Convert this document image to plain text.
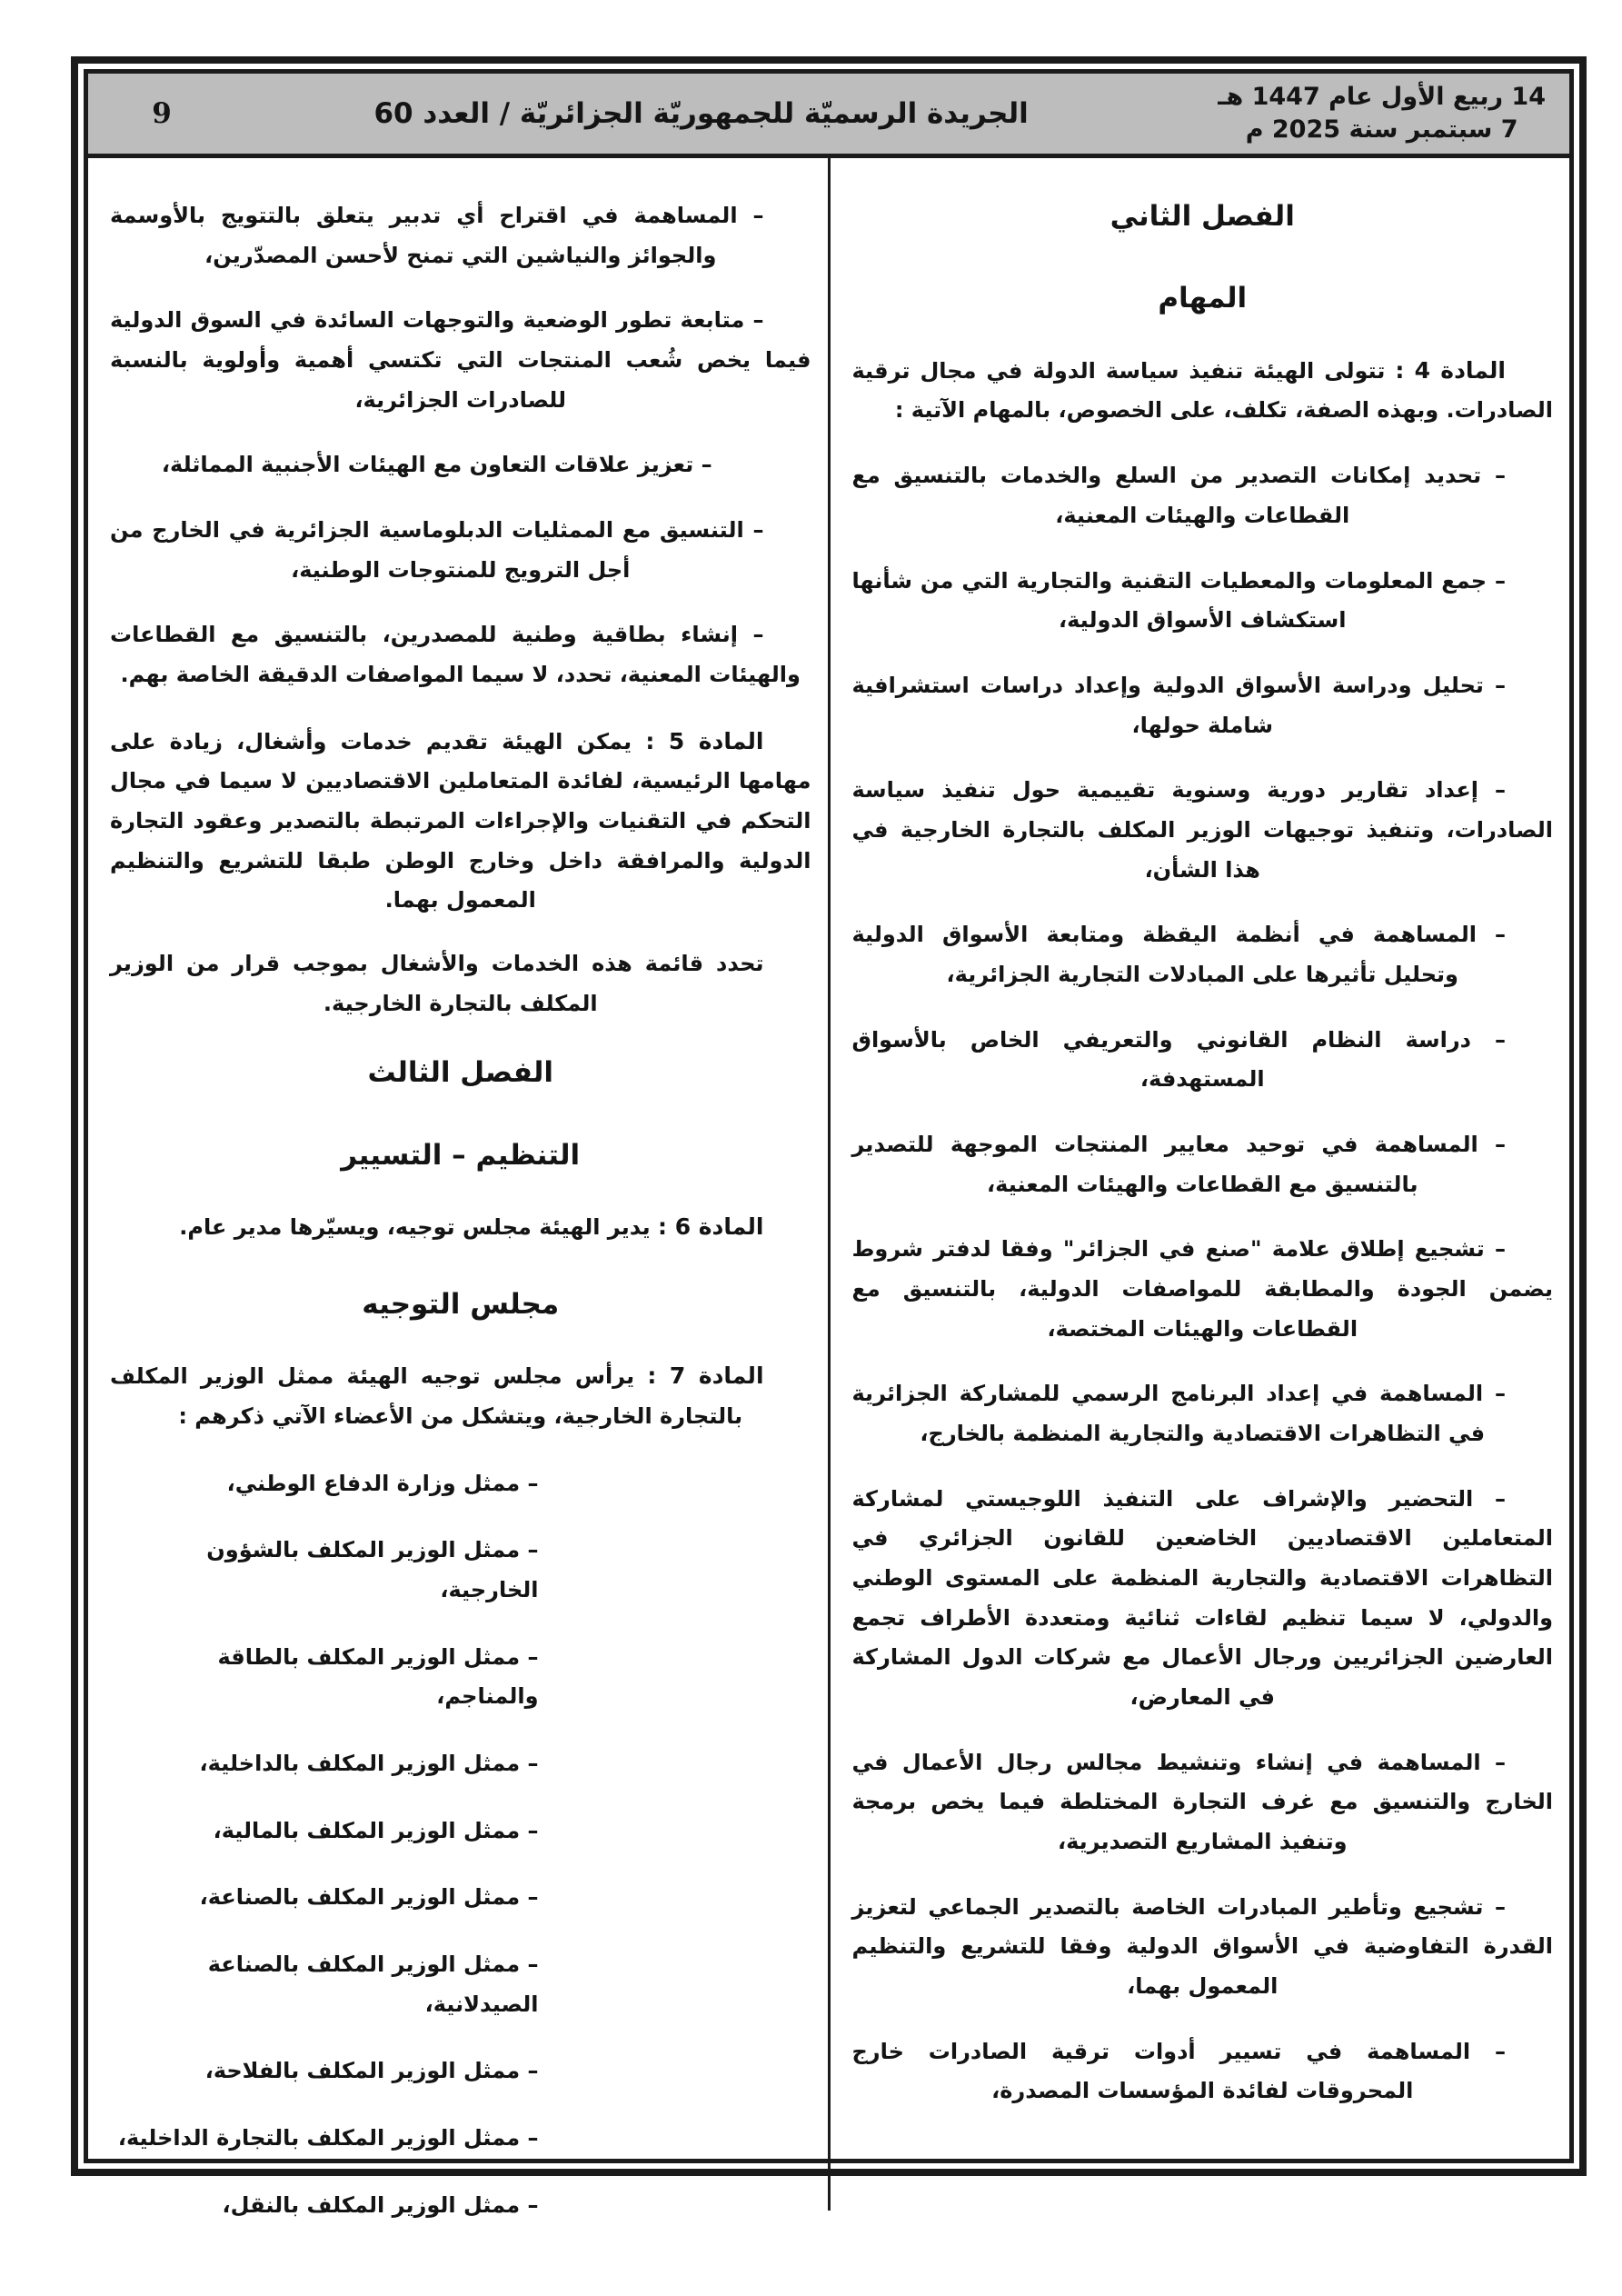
14 ربيع الأول عام 1447 هـ
7 سبتمبر سنة 2025 م
الجريدة الرسميّة للجمهوريّة الجزائريّة / العدد 60
9
الفصل الثاني
المهام

المادة 4 : تتولى الهيئة تنفيذ سياسة الدولة في مجال ترقية الصادرات. وبهذه الصفة، تكلف، على الخصوص، بالمهام الآتية :

– تحديد إمكانات التصدير من السلع والخدمات بالتنسيق مع القطاعات والهيئات المعنية،

– جمع المعلومات والمعطيات التقنية والتجارية التي من شأنها استكشاف الأسواق الدولية،

– تحليل ودراسة الأسواق الدولية وإعداد دراسات استشرافية شاملة حولها،

– إعداد تقارير دورية وسنوية تقييمية حول تنفيذ سياسة الصادرات، وتنفيذ توجيهات الوزير المكلف بالتجارة الخارجية في هذا الشأن،

– المساهمة في أنظمة اليقظة ومتابعة الأسواق الدولية وتحليل تأثيرها على المبادلات التجارية الجزائرية،

– دراسة النظام القانوني والتعريفي الخاص بالأسواق المستهدفة،

– المساهمة في توحيد معايير المنتجات الموجهة للتصدير بالتنسيق مع القطاعات والهيئات المعنية،

– تشجيع إطلاق علامة "صنع في الجزائر" وفقا لدفتر شروط يضمن الجودة والمطابقة للمواصفات الدولية، بالتنسيق مع القطاعات والهيئات المختصة،

– المساهمة في إعداد البرنامج الرسمي للمشاركة الجزائرية في التظاهرات الاقتصادية والتجارية المنظمة بالخارج،

– التحضير والإشراف على التنفيذ اللوجيستي لمشاركة المتعاملين الاقتصاديين الخاضعين للقانون الجزائري في التظاهرات الاقتصادية والتجارية المنظمة على المستوى الوطني والدولي، لا سيما تنظيم لقاءات ثنائية ومتعددة الأطراف تجمع العارضين الجزائريين ورجال الأعمال مع شركات الدول المشاركة في المعارض،

– المساهمة في إنشاء وتنشيط مجالس رجال الأعمال في الخارج والتنسيق مع غرف التجارة المختلطة فيما يخص برمجة وتنفيذ المشاريع التصديرية،

– تشجيع وتأطير المبادرات الخاصة بالتصدير الجماعي لتعزيز القدرة التفاوضية في الأسواق الدولية وفقا للتشريع والتنظيم المعمول بهما،

– المساهمة في تسيير أدوات ترقية الصادرات خارج المحروقات لفائدة المؤسسات المصدرة،

– المساهمة في اقتراح أي تدبير يتعلق بالتتويج بالأوسمة والجوائز والنياشين التي تمنح لأحسن المصدّرين،

– متابعة تطور الوضعية والتوجهات السائدة في السوق الدولية فيما يخص شُعب المنتجات التي تكتسي أهمية وأولوية بالنسبة للصادرات الجزائرية،

– تعزيز علاقات التعاون مع الهيئات الأجنبية المماثلة،

– التنسيق مع الممثليات الدبلوماسية الجزائرية في الخارج من أجل الترويج للمنتوجات الوطنية،

– إنشاء بطاقية وطنية للمصدرين، بالتنسيق مع القطاعات والهيئات المعنية، تحدد، لا سيما المواصفات الدقيقة الخاصة بهم.

المادة 5 : يمكن الهيئة تقديم خدمات وأشغال، زيادة على مهامها الرئيسية، لفائدة المتعاملين الاقتصاديين لا سيما في مجال التحكم في التقنيات والإجراءات المرتبطة بالتصدير وعقود التجارة الدولية والمرافقة داخل وخارج الوطن طبقا للتشريع والتنظيم المعمول بهما.

تحدد قائمة هذه الخدمات والأشغال بموجب قرار من الوزير المكلف بالتجارة الخارجية.

الفصل الثالث
التنظيم – التسيير

المادة 6 : يدير الهيئة مجلس توجيه، ويسيّرها مدير عام.

مجلس التوجيه

المادة 7 : يرأس مجلس توجيه الهيئة ممثل الوزير المكلف بالتجارة الخارجية، ويتشكل من الأعضاء الآتي ذكرهم :

– ممثل وزارة الدفاع الوطني،

– ممثل الوزير المكلف بالشؤون الخارجية،

– ممثل الوزير المكلف بالطاقة والمناجم،

– ممثل الوزير المكلف بالداخلية،

– ممثل الوزير المكلف بالمالية،

– ممثل الوزير المكلف بالصناعة،

– ممثل الوزير المكلف بالصناعة الصيدلانية،

– ممثل الوزير المكلف بالفلاحة،

– ممثل الوزير المكلف بالتجارة الداخلية،

– ممثل الوزير المكلف بالنقل،
